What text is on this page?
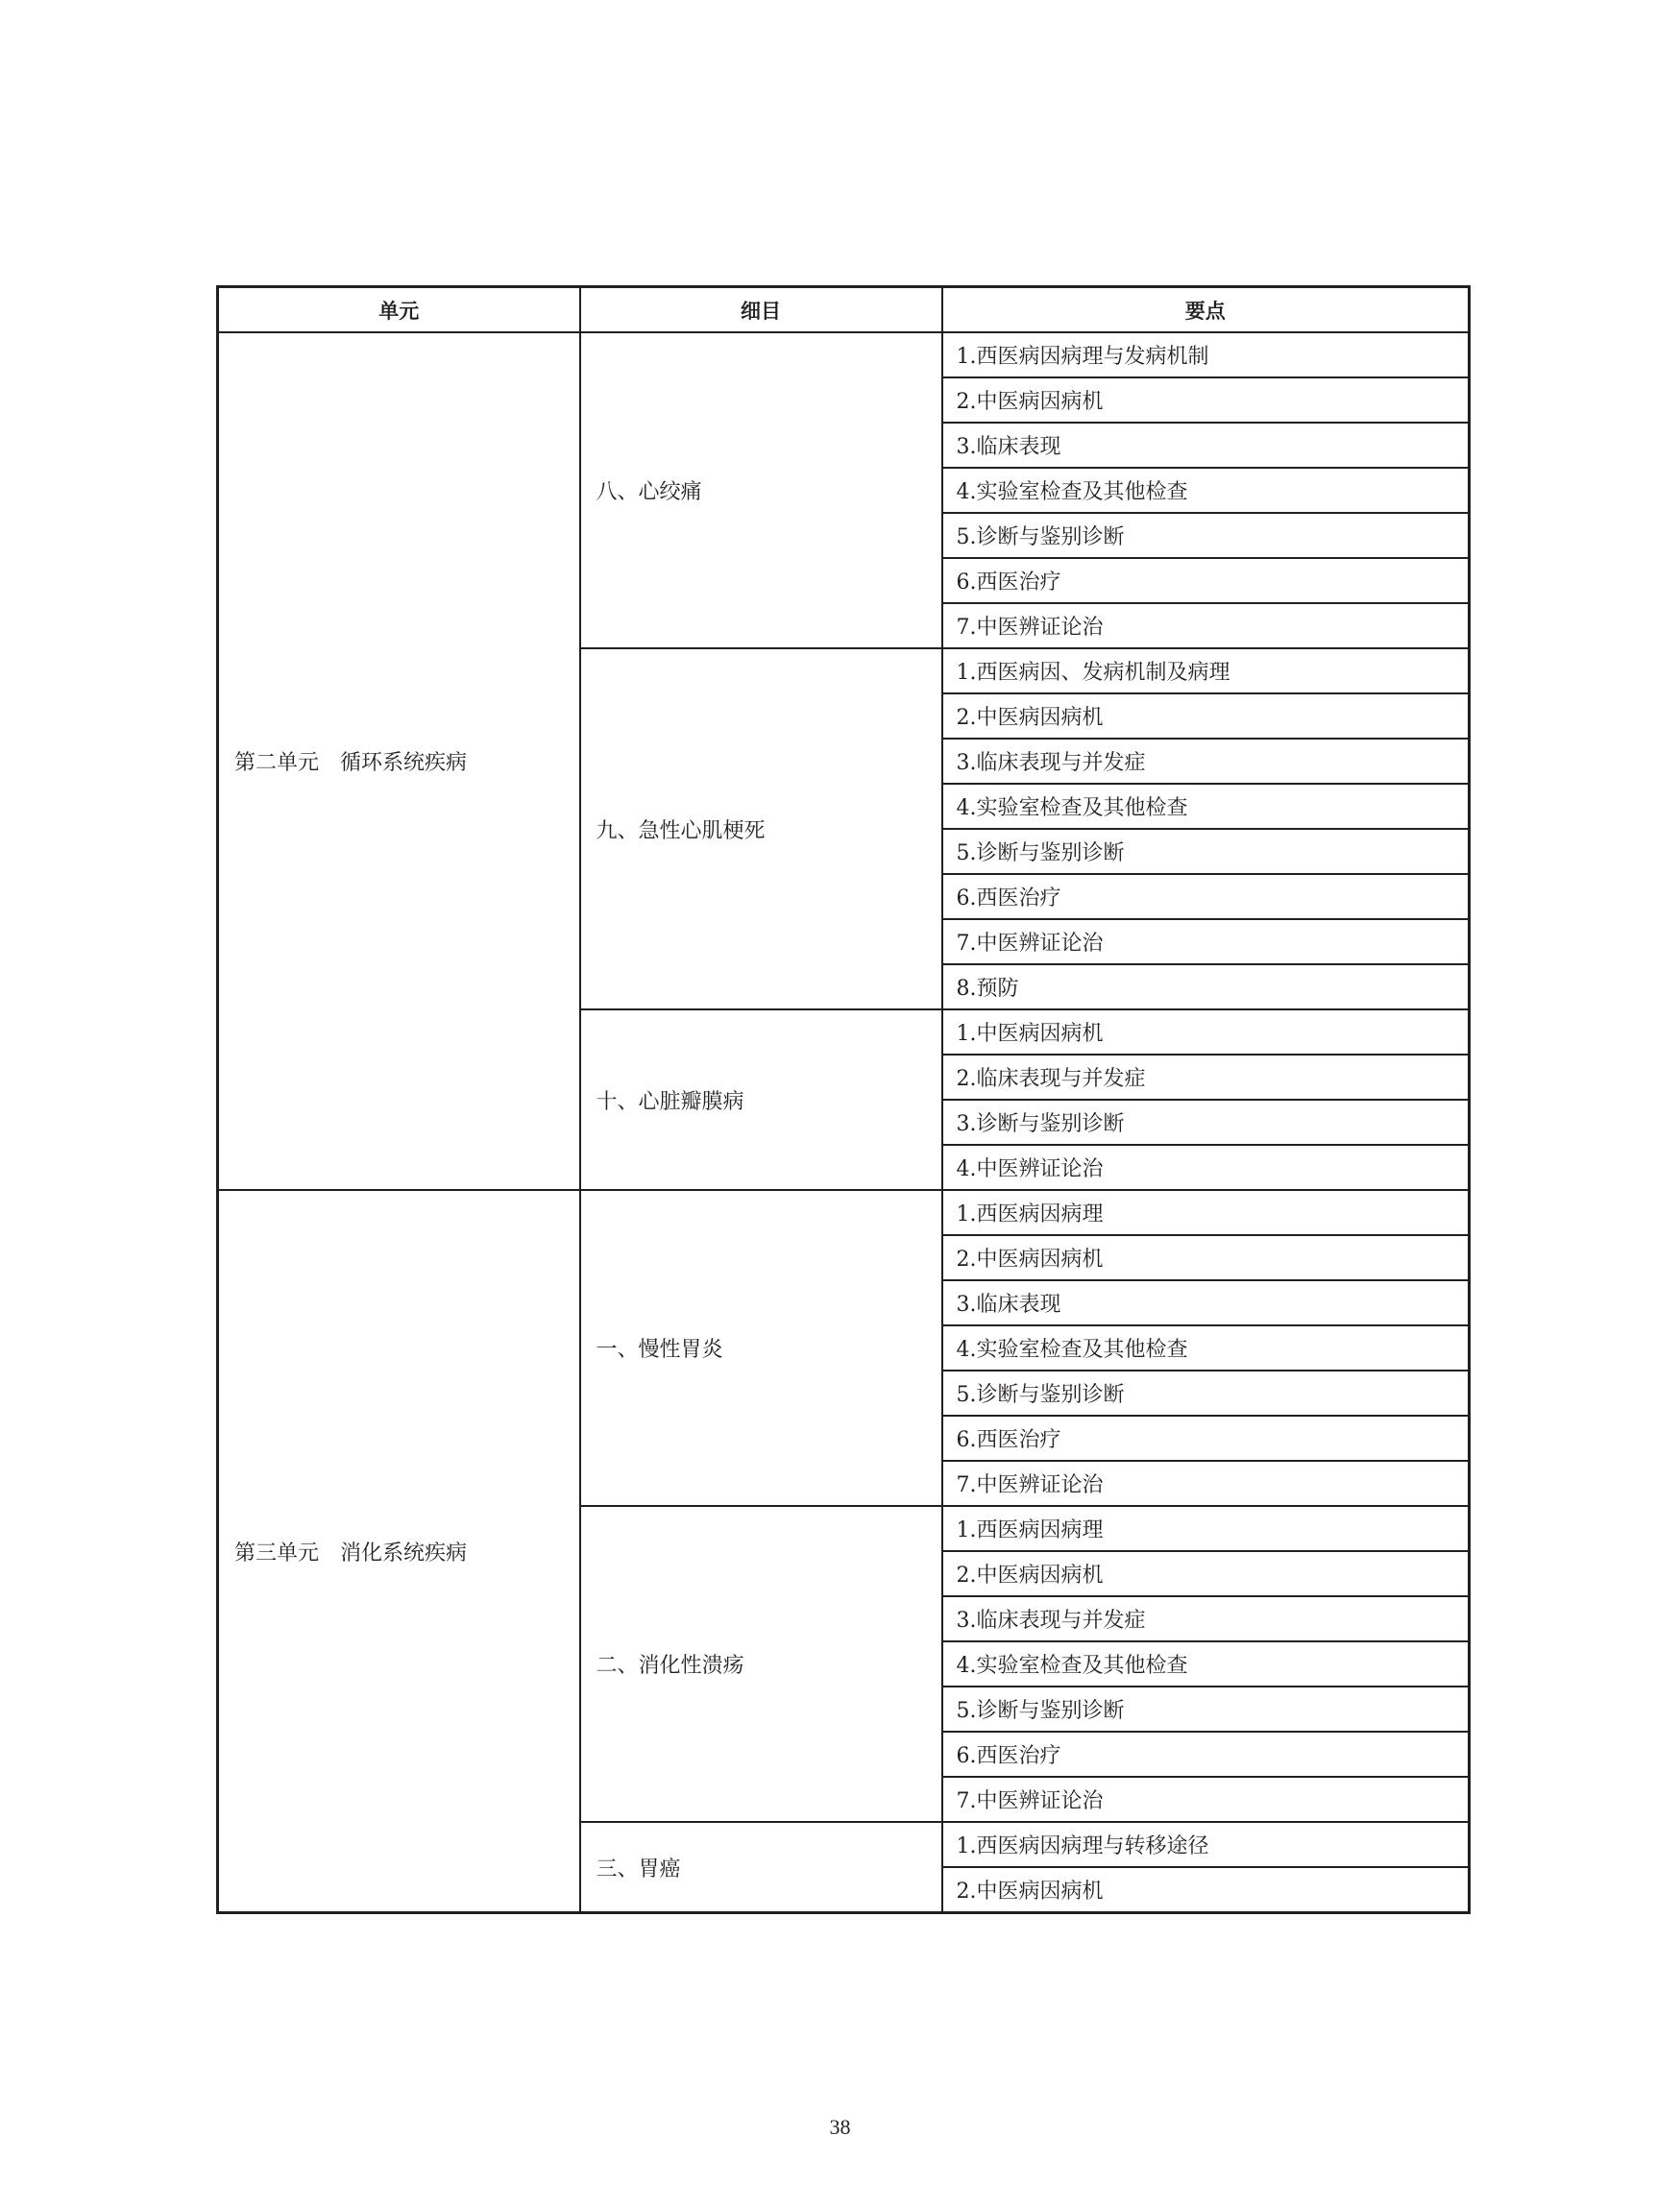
单元	细目	要点
第二单元　循环系统疾病	八、心绞痛	1.西医病因病理与发病机制
		2.中医病因病机
		3.临床表现
		4.实验室检查及其他检查
		5.诊断与鉴别诊断
		6.西医治疗
		7.中医辨证论治
	九、急性心肌梗死	1.西医病因、发病机制及病理
		2.中医病因病机
		3.临床表现与并发症
		4.实验室检查及其他检查
		5.诊断与鉴别诊断
		6.西医治疗
		7.中医辨证论治
		8.预防
	十、心脏瓣膜病	1.中医病因病机
		2.临床表现与并发症
		3.诊断与鉴别诊断
		4.中医辨证论治
第三单元　消化系统疾病	一、慢性胃炎	1.西医病因病理
		2.中医病因病机
		3.临床表现
		4.实验室检查及其他检查
		5.诊断与鉴别诊断
		6.西医治疗
		7.中医辨证论治
	二、消化性溃疡	1.西医病因病理
		2.中医病因病机
		3.临床表现与并发症
		4.实验室检查及其他检查
		5.诊断与鉴别诊断
		6.西医治疗
		7.中医辨证论治
	三、胃癌	1.西医病因病理与转移途径
		2.中医病因病机
38
